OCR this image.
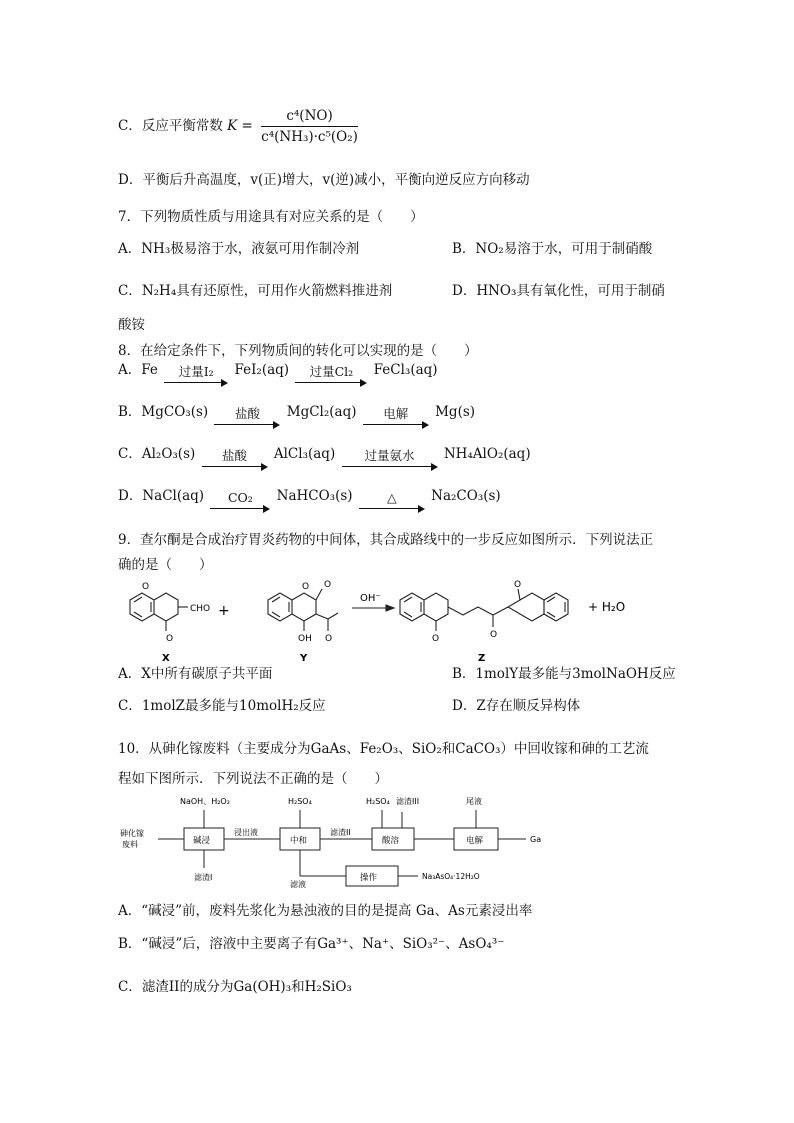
C．反应平衡常数 $K = \frac{\text{c⁴(NO)}}{\text{c⁴(NH₃)·c⁵(O₂)}}$
D．平衡后升高温度，v(正)增大，v(逆)减小，平衡向逆反应方向移动
7．下列物质性质与用途具有对应关系的是（　　）
A．NH₃极易溶于水，液氨可用作制冷剂	B．NO₂易溶于水，可用于制硝酸
C．N₂H₄具有还原性，可用作火箭燃料推进剂	D．HNO₃具有氧化性，可用于制硝
酸铵
8．在给定条件下，下列物质间的转化可以实现的是（　　）
A．Fe	过量I₂	FeI₂(aq)	过量Cl₂	FeCl₃(aq)
B．MgCO₃(s)	盐酸	MgCl₂(aq)	电解	Mg(s)
C．Al₂O₃(s)	盐酸	AlCl₃(aq)	过量氨水	NH₄AlO₂(aq)
D．NaCl(aq)	CO₂	NaHCO₃(s)	△	Na₂CO₃(s)
9．查尔酮是合成治疗胃炎药物的中间体，其合成路线中的一步反应如图所示．下列说法正
确的是（　　）
O
O
CHO +
O O
OH O
OH⁻
O	O
O
+ H₂O
X	Y	Z
A．X中所有碳原子共平面	B．1molY最多能与3molNaOH反应
C．1molZ最多能与10molH₂反应	D．Z存在顺反异构体
10．从砷化镓废料（主要成分为GaAs、Fe₂O₃、SiO₂和CaCO₃）中回收镓和砷的工艺流
程如下图所示．下列说法不正确的是（　　）
砷化镓
废料
NaOH、H₂O₂	H₂SO₄	H₂SO₄ 滤渣III	尾液
碱浸	中和	酸溶	电解
操作
浸出液	滤渣II
滤渣I
滤液
Ga
Na₃AsO₄·12H₂O
A．“碱浸”前，废料先浆化为悬浊液的目的是提高 Ga、As元素浸出率
B．“碱浸”后，溶液中主要离子有Ga³⁺、Na⁺、SiO₃²⁻、AsO₄³⁻
C．滤渣II的成分为Ga(OH)₃和H₂SiO₃
